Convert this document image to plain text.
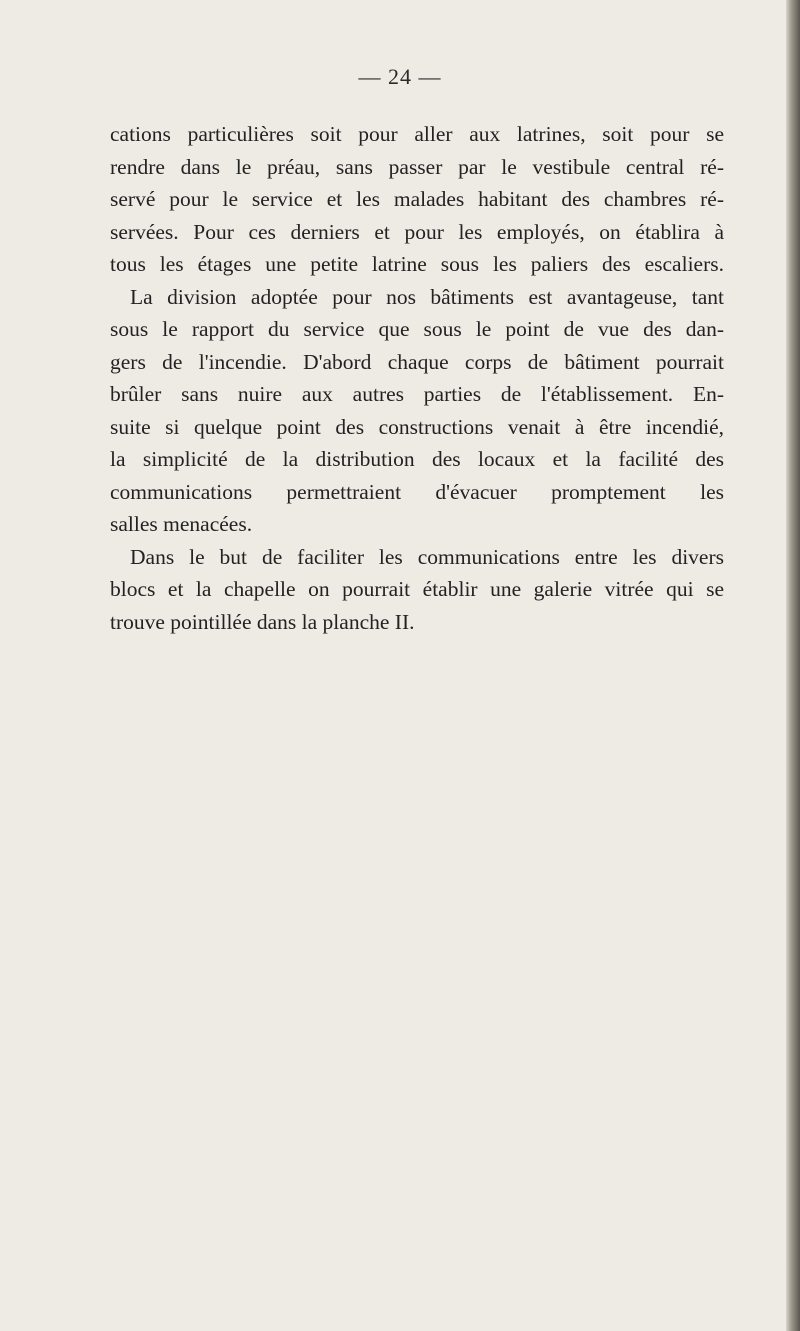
— 24 —
cations particulières soit pour aller aux latrines, soit pour se
rendre dans le préau, sans passer par le vestibule central ré-
servé pour le service et les malades habitant des chambres ré-
servées. Pour ces derniers et pour les employés, on établira à
tous les étages une petite latrine sous les paliers des escaliers.
La division adoptée pour nos bâtiments est avantageuse, tant
sous le rapport du service que sous le point de vue des dan-
gers de l'incendie. D'abord chaque corps de bâtiment pourrait
brûler sans nuire aux autres parties de l'établissement. En-
suite si quelque point des constructions venait à être incendié,
la simplicité de la distribution des locaux et la facilité des
communications permettraient d'évacuer promptement les
salles menacées.
Dans le but de faciliter les communications entre les divers
blocs et la chapelle on pourrait établir une galerie vitrée qui se
trouve pointillée dans la planche II.
